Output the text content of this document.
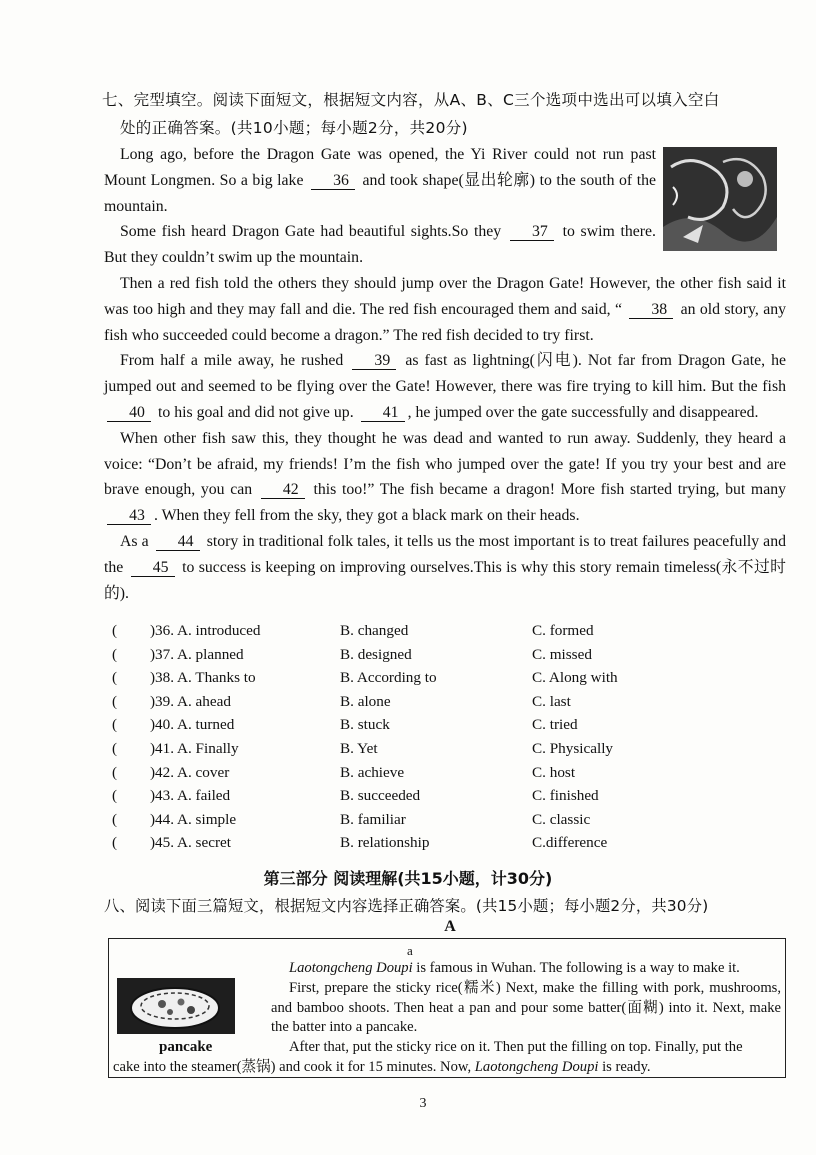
七、完型填空。阅读下面短文，根据短文内容，从A、B、C三个选项中选出可以填入空白
处的正确答案。(共10小题；每小题2分，共20分)

Long ago, before the Dragon Gate was opened, the Yi River could not run past Mount Longmen. So a big lake 36 and took shape(显出轮廓) to the south of the mountain.

Some fish heard Dragon Gate had beautiful sights.So they 37 to swim there. But they couldn’t swim up the mountain.

Then a red fish told the others they should jump over the Dragon Gate! However, the other fish said it was too high and they may fall and die. The red fish encouraged them and said, “ 38 an old story, any fish who succeeded could become a dragon.” The red fish decided to try first.

From half a mile away, he rushed 39 as fast as lightning(闪电). Not far from Dragon Gate, he jumped out and seemed to be flying over the Gate! However, there was fire trying to kill him. But the fish 40 to his goal and did not give up. 41 , he jumped over the gate successfully and disappeared.

When other fish saw this, they thought he was dead and wanted to run away. Suddenly, they heard a voice: “Don’t be afraid, my friends! I’m the fish who jumped over the gate! If you try your best and are brave enough, you can 42 this too!” The fish became a dragon! More fish started trying, but many 43 . When they fell from the sky, they got a black mark on their heads.

As a 44 story in traditional folk tales, it tells us the most important is to treat failures peacefully and the 45 to success is keeping on improving ourselves.This is why this story remain timeless(永不过时的).

( )36. A. introduced	B. changed	C. formed
( )37. A. planned	B. designed	C. missed
( )38. A. Thanks to	B. According to	C. Along with
( )39. A. ahead	B. alone	C. last
( )40. A. turned	B. stuck	C. tried
( )41. A. Finally	B. Yet	C. Physically
( )42. A. cover	B. achieve	C. host
( )43. A. failed	B. succeeded	C. finished
( )44. A. simple	B. familiar	C. classic
( )45. A. secret	B. relationship	C.difference
第三部分 阅读理解(共15小题，计30分)
八、阅读下面三篇短文，根据短文内容选择正确答案。(共15小题；每小题2分，共30分)
A
a

Laotongcheng Doupi is famous in Wuhan. The following is a way to make it.

First, prepare the sticky rice(糯米) Next, make the filling with pork, mushrooms, and bamboo shoots. Then heat a pan and pour some batter(面糊) into it. Next, make the batter into a pancake.

After that, put the sticky rice on it. Then put the filling on top. Finally, put the

cake into the steamer(蒸锅) and cook it for 15 minutes. Now, Laotongcheng Doupi is ready.
pancake
3
